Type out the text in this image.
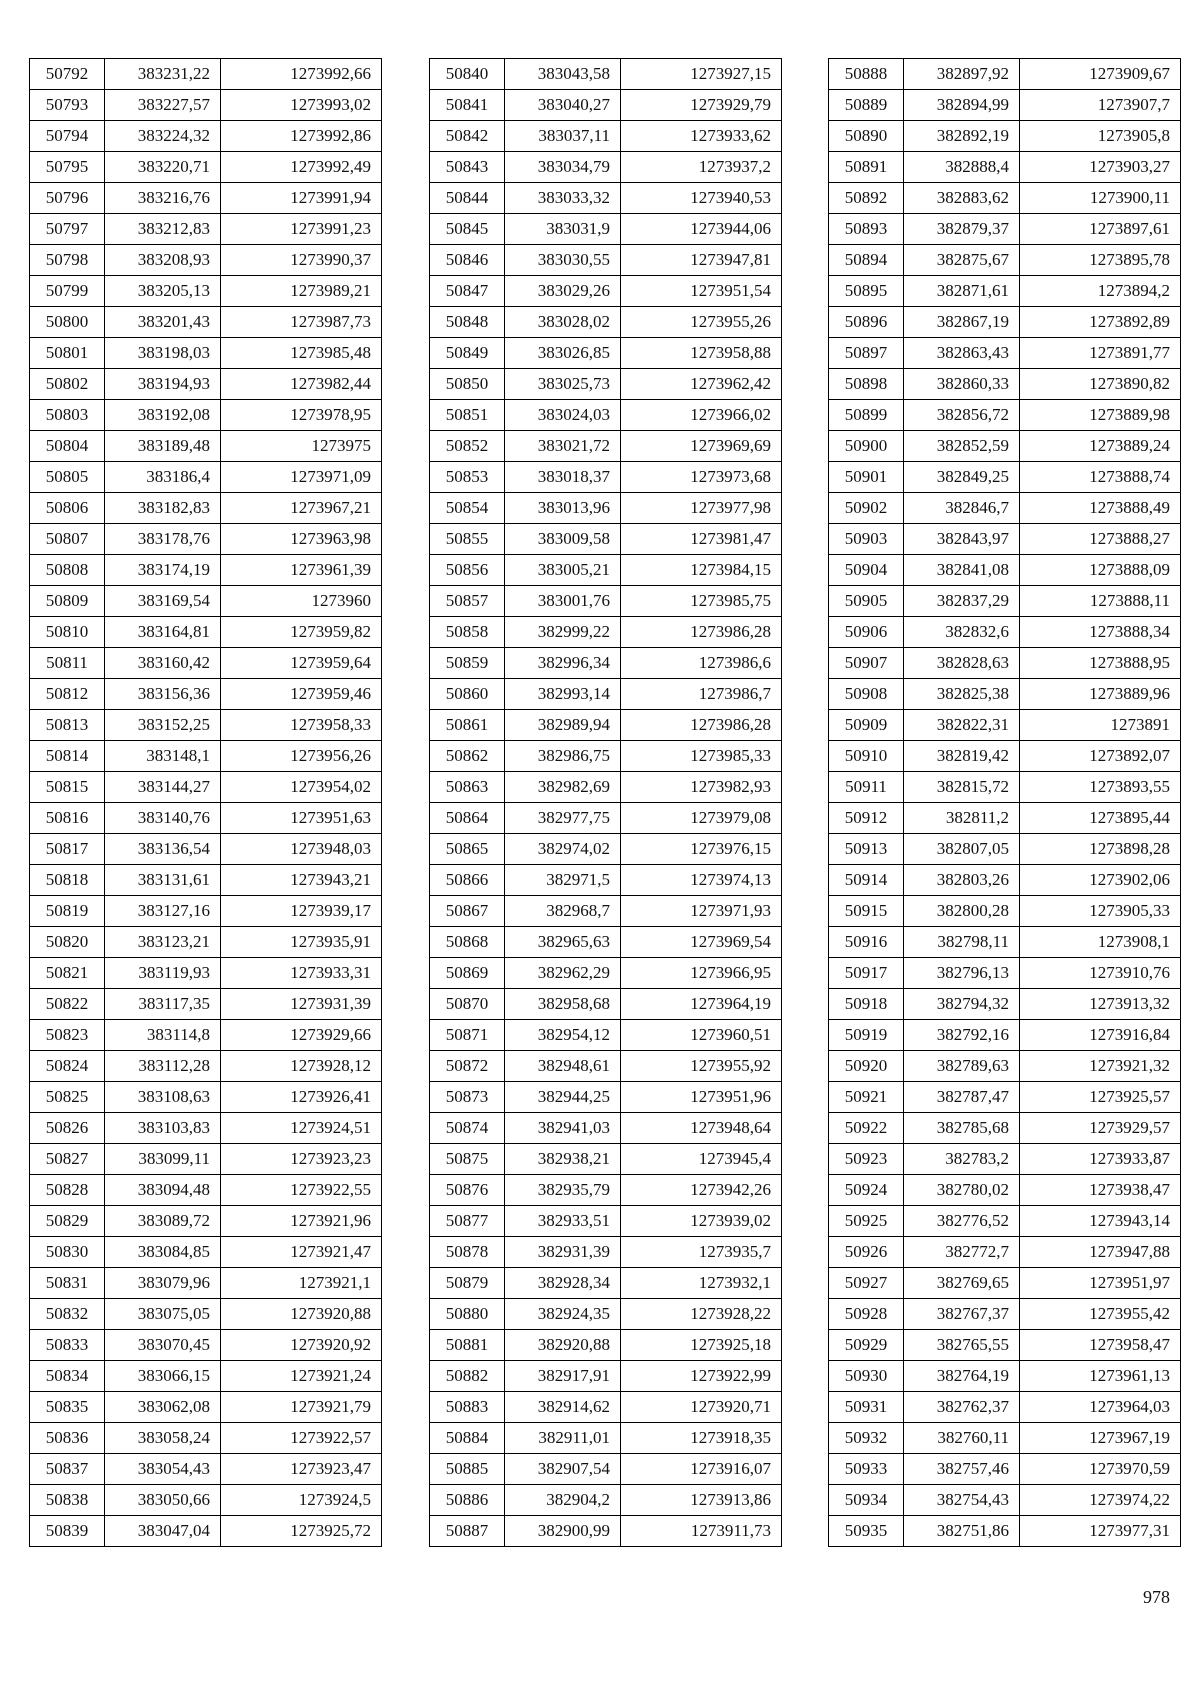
50792	383231,22	1273992,66
50793	383227,57	1273993,02
50794	383224,32	1273992,86
50795	383220,71	1273992,49
50796	383216,76	1273991,94
50797	383212,83	1273991,23
50798	383208,93	1273990,37
50799	383205,13	1273989,21
50800	383201,43	1273987,73
50801	383198,03	1273985,48
50802	383194,93	1273982,44
50803	383192,08	1273978,95
50804	383189,48	1273975
50805	383186,4	1273971,09
50806	383182,83	1273967,21
50807	383178,76	1273963,98
50808	383174,19	1273961,39
50809	383169,54	1273960
50810	383164,81	1273959,82
50811	383160,42	1273959,64
50812	383156,36	1273959,46
50813	383152,25	1273958,33
50814	383148,1	1273956,26
50815	383144,27	1273954,02
50816	383140,76	1273951,63
50817	383136,54	1273948,03
50818	383131,61	1273943,21
50819	383127,16	1273939,17
50820	383123,21	1273935,91
50821	383119,93	1273933,31
50822	383117,35	1273931,39
50823	383114,8	1273929,66
50824	383112,28	1273928,12
50825	383108,63	1273926,41
50826	383103,83	1273924,51
50827	383099,11	1273923,23
50828	383094,48	1273922,55
50829	383089,72	1273921,96
50830	383084,85	1273921,47
50831	383079,96	1273921,1
50832	383075,05	1273920,88
50833	383070,45	1273920,92
50834	383066,15	1273921,24
50835	383062,08	1273921,79
50836	383058,24	1273922,57
50837	383054,43	1273923,47
50838	383050,66	1273924,5
50839	383047,04	1273925,72
50840	383043,58	1273927,15
50841	383040,27	1273929,79
50842	383037,11	1273933,62
50843	383034,79	1273937,2
50844	383033,32	1273940,53
50845	383031,9	1273944,06
50846	383030,55	1273947,81
50847	383029,26	1273951,54
50848	383028,02	1273955,26
50849	383026,85	1273958,88
50850	383025,73	1273962,42
50851	383024,03	1273966,02
50852	383021,72	1273969,69
50853	383018,37	1273973,68
50854	383013,96	1273977,98
50855	383009,58	1273981,47
50856	383005,21	1273984,15
50857	383001,76	1273985,75
50858	382999,22	1273986,28
50859	382996,34	1273986,6
50860	382993,14	1273986,7
50861	382989,94	1273986,28
50862	382986,75	1273985,33
50863	382982,69	1273982,93
50864	382977,75	1273979,08
50865	382974,02	1273976,15
50866	382971,5	1273974,13
50867	382968,7	1273971,93
50868	382965,63	1273969,54
50869	382962,29	1273966,95
50870	382958,68	1273964,19
50871	382954,12	1273960,51
50872	382948,61	1273955,92
50873	382944,25	1273951,96
50874	382941,03	1273948,64
50875	382938,21	1273945,4
50876	382935,79	1273942,26
50877	382933,51	1273939,02
50878	382931,39	1273935,7
50879	382928,34	1273932,1
50880	382924,35	1273928,22
50881	382920,88	1273925,18
50882	382917,91	1273922,99
50883	382914,62	1273920,71
50884	382911,01	1273918,35
50885	382907,54	1273916,07
50886	382904,2	1273913,86
50887	382900,99	1273911,73
50888	382897,92	1273909,67
50889	382894,99	1273907,7
50890	382892,19	1273905,8
50891	382888,4	1273903,27
50892	382883,62	1273900,11
50893	382879,37	1273897,61
50894	382875,67	1273895,78
50895	382871,61	1273894,2
50896	382867,19	1273892,89
50897	382863,43	1273891,77
50898	382860,33	1273890,82
50899	382856,72	1273889,98
50900	382852,59	1273889,24
50901	382849,25	1273888,74
50902	382846,7	1273888,49
50903	382843,97	1273888,27
50904	382841,08	1273888,09
50905	382837,29	1273888,11
50906	382832,6	1273888,34
50907	382828,63	1273888,95
50908	382825,38	1273889,96
50909	382822,31	1273891
50910	382819,42	1273892,07
50911	382815,72	1273893,55
50912	382811,2	1273895,44
50913	382807,05	1273898,28
50914	382803,26	1273902,06
50915	382800,28	1273905,33
50916	382798,11	1273908,1
50917	382796,13	1273910,76
50918	382794,32	1273913,32
50919	382792,16	1273916,84
50920	382789,63	1273921,32
50921	382787,47	1273925,57
50922	382785,68	1273929,57
50923	382783,2	1273933,87
50924	382780,02	1273938,47
50925	382776,52	1273943,14
50926	382772,7	1273947,88
50927	382769,65	1273951,97
50928	382767,37	1273955,42
50929	382765,55	1273958,47
50930	382764,19	1273961,13
50931	382762,37	1273964,03
50932	382760,11	1273967,19
50933	382757,46	1273970,59
50934	382754,43	1273974,22
50935	382751,86	1273977,31
978
